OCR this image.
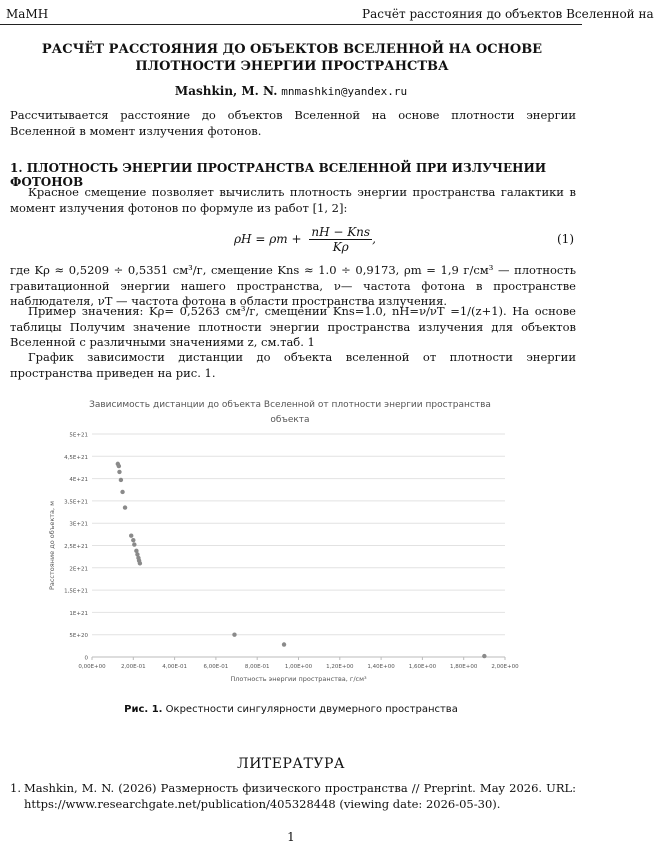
MaMH	Расчёт расстояния до объектов Вселенной на
РАСЧЁТ РАССТОЯНИЯ ДО ОБЪЕКТОВ ВСЕЛЕННОЙ НА ОСНОВЕ ПЛОТНОСТИ ЭНЕРГИИ ПРОСТРАНСТВА
Mashkin, M. N. mnmashkin@yandex.ru
Рассчитывается расстояние до объектов Вселенной на основе плотности энергии Вселенной в момент излучения фотонов.
1. ПЛОТНОСТЬ ЭНЕРГИИ ПРОСТРАНСТВА ВСЕЛЕННОЙ ПРИ ИЗЛУЧЕНИИ ФОТОНОВ
Красное смещение позволяет вычислить плотность энергии пространства галактики в момент излучения фотонов по формуле из работ [1, 2]:
$\rho H = \rho m + \frac{\text{nH − Kns}}{K\rho}$ ,	(1)
где Kρ ≈ 0,5209 ÷ 0,5351 см³/г, смещение Kns ≈ 1.0 ÷ 0,9173, ρm = 1,9 г/см³ — плотность гравитационной энергии нашего пространства, ν— частота фотона в пространстве наблюдателя, νT — частота фотона в области пространства излучения.
Пример значения: Kρ= 0,5263 см³/г, смещении Kns=1.0, nH=ν/νT =1/(z+1). На основе таблицы Получим значение плотности энергии пространства излучения для объектов Вселенной с различными значениями z, см.таб. 1
График зависимости дистанции до объекта вселенной от плотности энергии пространства приведен на рис. 1.
Зависимость дистанции до объекта Вселенной от плотности энергии пространства
объекта
0
5E+20
1E+21
1,5E+21
2E+21
2,5E+21
3E+21
3,5E+21
4E+21
4,5E+21
5E+21
0,00E+00	2,00E-01	4,00E-01	6,00E-01	8,00E-01	1,00E+00	1,20E+00	1,40E+00	1,60E+00	1,80E+00	2,00E+00
Плотность энергии пространства, г/см³
Расстояние до объекта, м
Рис. 1. Окрестности сингулярности двумерного пространства
ЛИТЕРАТУРА
1. Mashkin, M. N. (2026) Размерность физического пространства // Preprint. May 2026. URL: https://www.researchgate.net/publication/405328448 (viewing date: 2026-05-30).
1
